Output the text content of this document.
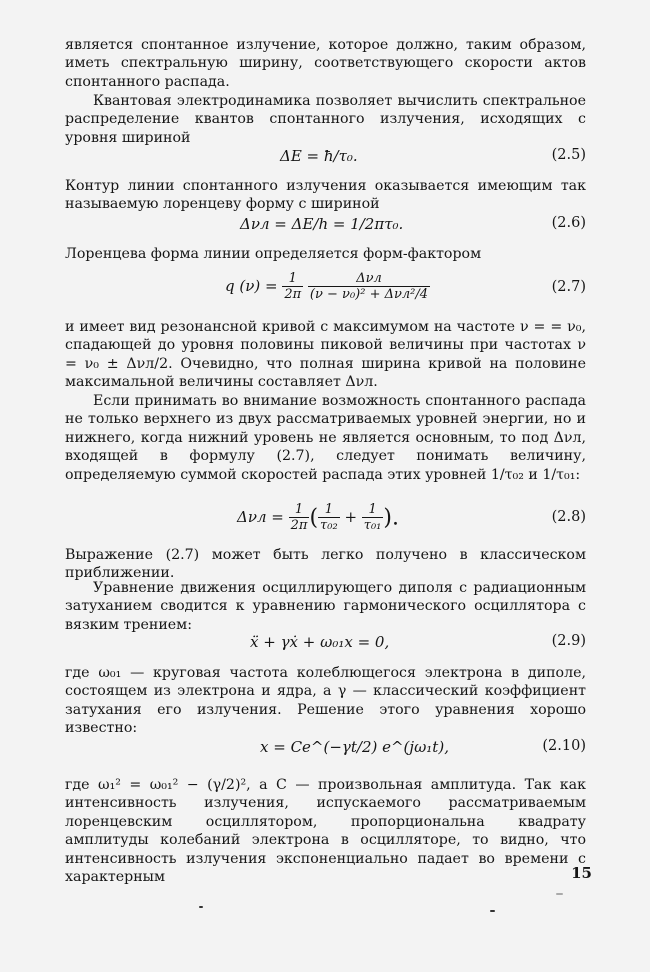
является спонтанное излучение, которое должно, таким образом, иметь спектральную ширину, соответствующего скорости актов спонтанного распада.

Квантовая электродинамика позволяет вычислить спектральное распределение квантов спонтанного излучения, исходящих с уровня шириной

ΔE = ħ/τ₀.	(2.5)

Контур линии спонтанного излучения оказывается имеющим так называемую лоренцеву форму с шириной

Δνл = ΔE/h = 1/2πτ₀.	(2.6)

Лоренцева форма линии определяется форм-фактором

q $(\nu) = \frac{1}{2\pi}$
$\frac{\text{Δνл}}{\text{(ν − ν₀)² + Δνл²/4}}$	(2.7)

и имеет вид резонансной кривой с максимумом на частоте ν = = ν₀, спадающей до уровня половины пиковой величины при частотах ν = ν₀ ± Δνл/2. Очевидно, что полная ширина кривой на половине максимальной величины составляет Δνл.

Если принимать во внимание возможность спонтанного распада не только верхнего из двух рассматриваемых уровней энергии, но и нижнего, когда нижний уровень не является основным, то под Δνл, входящей в формулу (2.7), следует понимать величину, определяемую суммой скоростей распада этих уровней 1/τ₀₂ и 1/τ₀₁:

$\Delta\nu л = \frac{1}{2\pi}$ ( $\frac{1}{\text{τ₀₂}} + \frac{1}{\text{τ₀₁}}$ ).	(2.8)

Выражение (2.7) может быть легко получено в классическом приближении.

Уравнение движения осциллирующего диполя с радиационным затуханием сводится к уравнению гармонического осциллятора с вязким трением:

ẍ + γẋ + ω₀₁x = 0,	(2.9)

где ω₀₁ — круговая частота колеблющегося электрона в диполе, состоящем из электрона и ядра, а γ — классический коэффициент затухания его излучения. Решение этого уравнения хорошо известно:

x = Ce^(−γt/2) e^(jω₁t),	(2.10)

где ω₁² = ω₀₁² − (γ/2)², а C — произвольная амплитуда. Так как интенсивность излучения, испускаемого рассматриваемым лоренцевским осциллятором, пропорциональна квадрату амплитуды колебаний электрона в осцилляторе, то видно, что интенсивность излучения экспоненциально падает во времени с характерным	15
